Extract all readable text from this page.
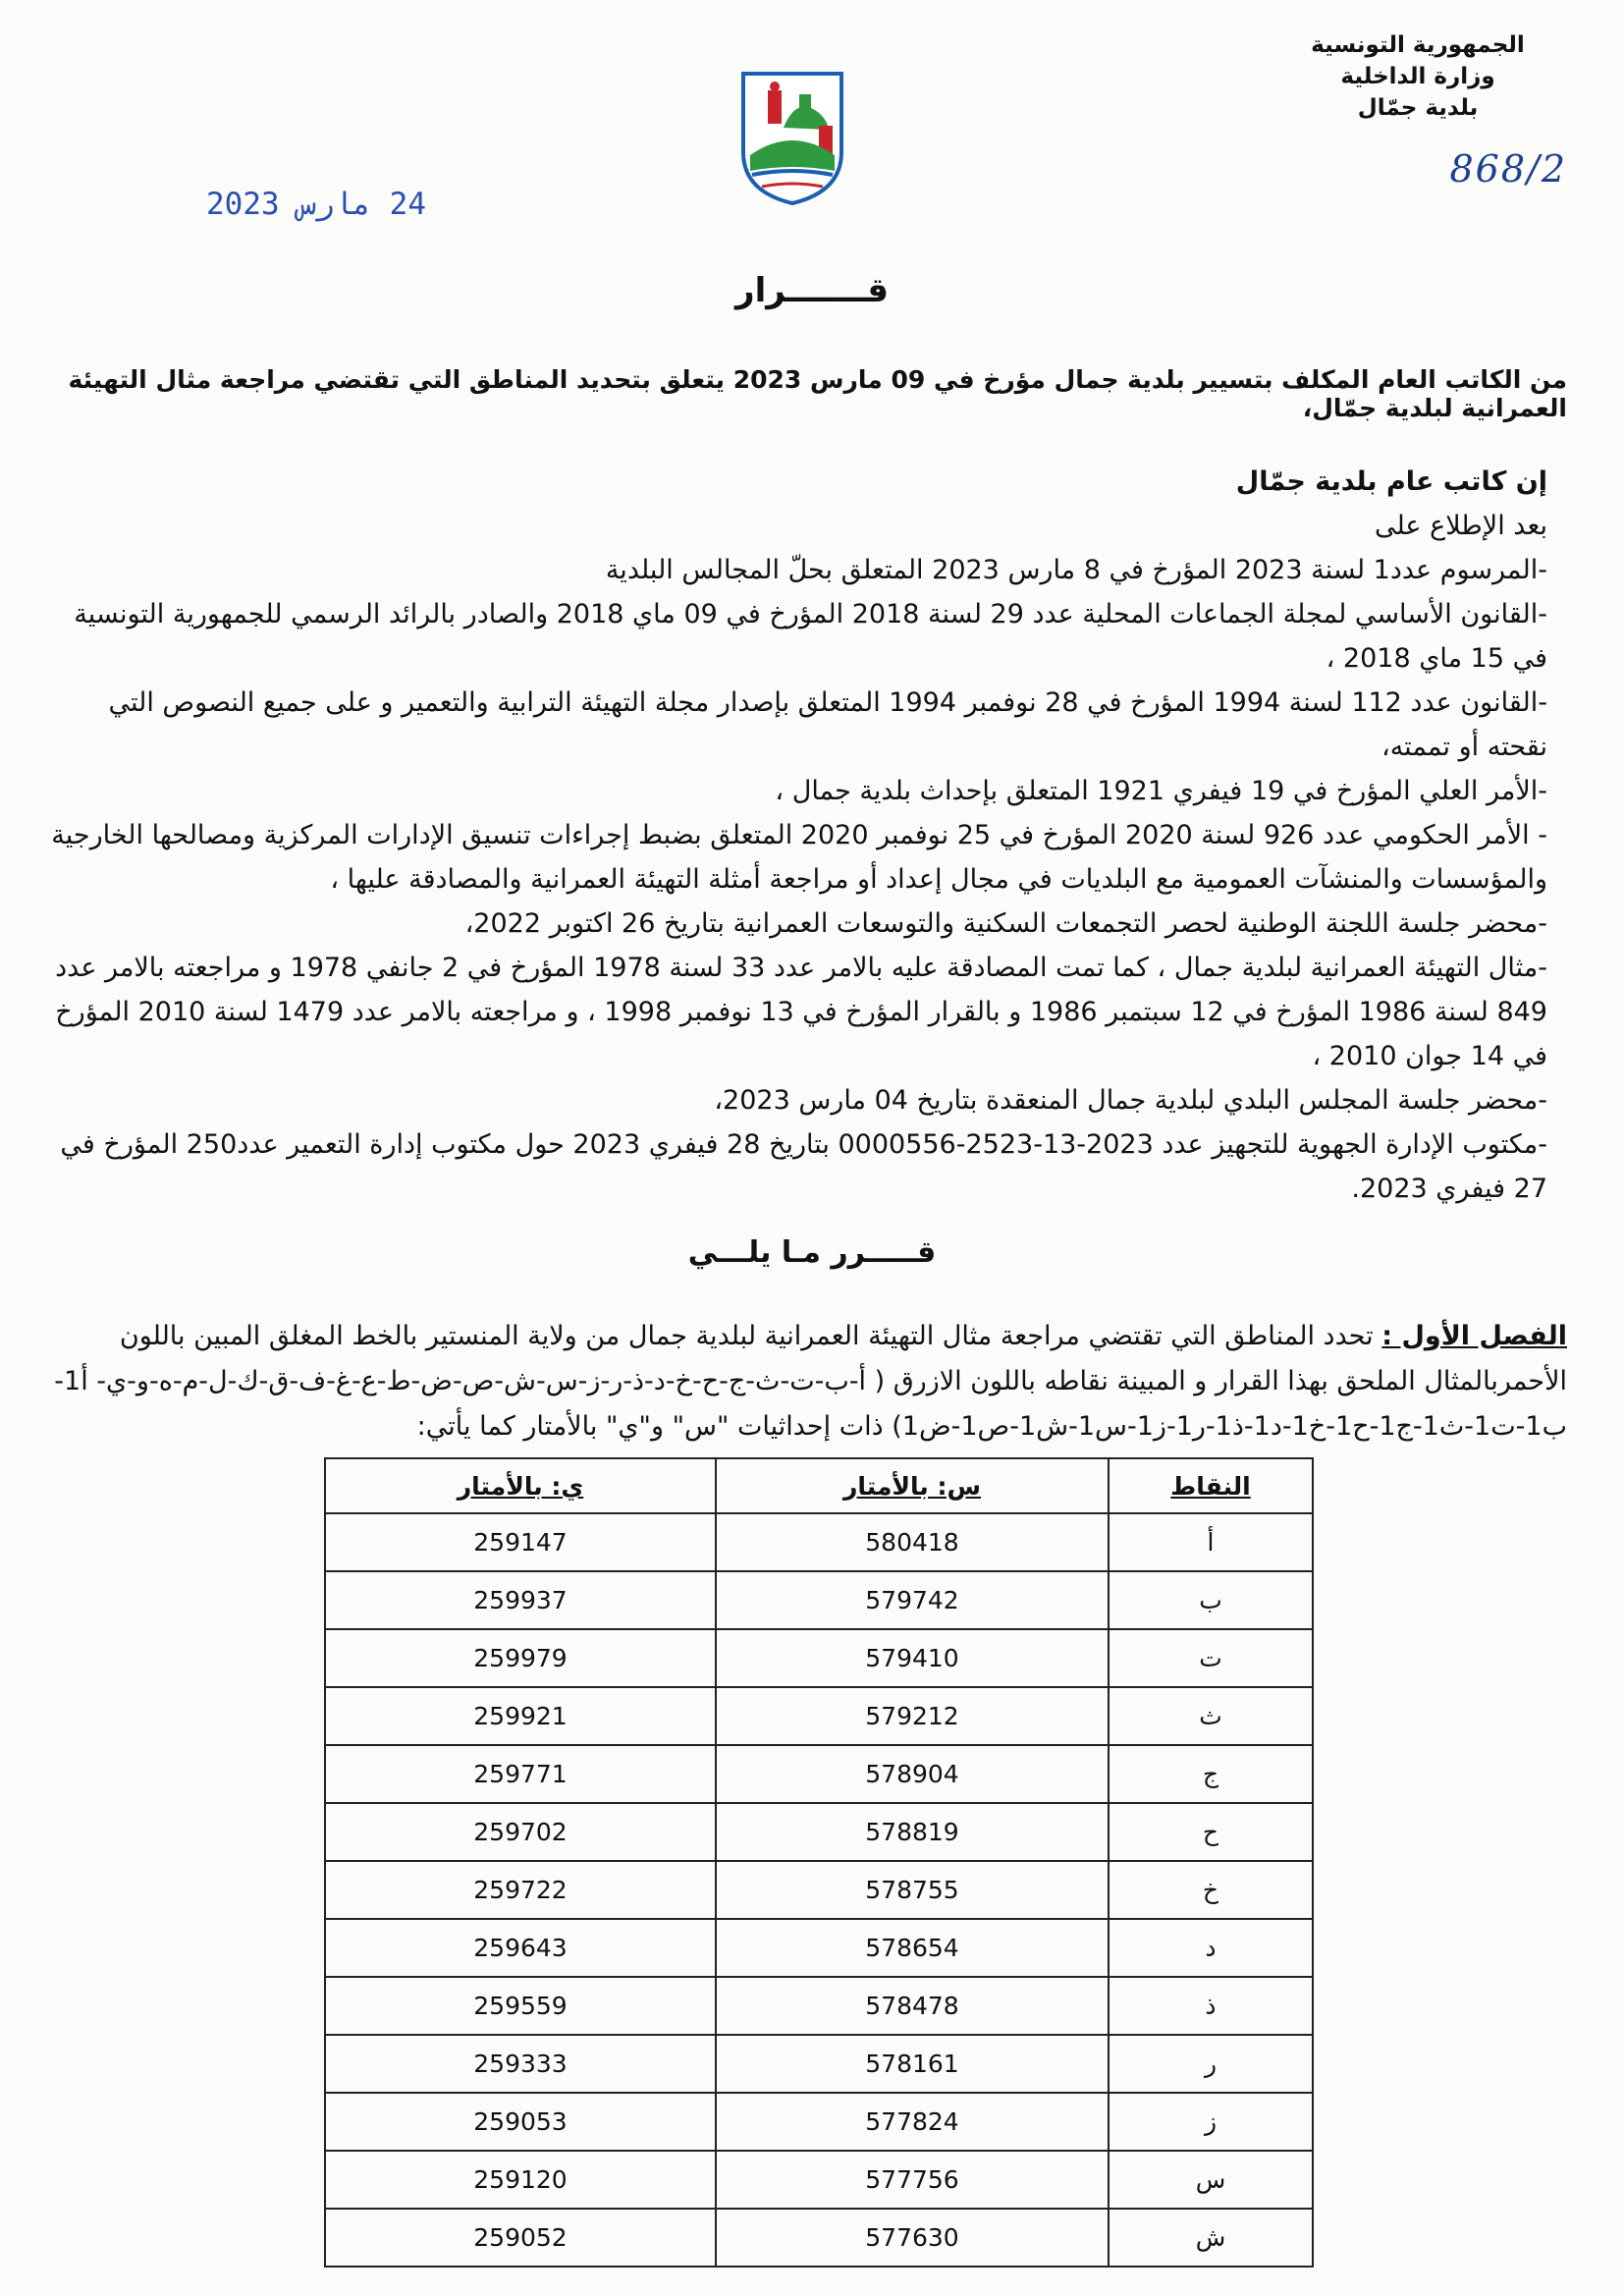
الجمهورية التونسية
وزارة الداخلية
بلدية جمّال
868/2
24 مارس 2023
قـــــــرار
من الكاتب العام المكلف بتسيير بلدية جمال مؤرخ في 09 مارس 2023 يتعلق بتحديد المناطق التي تقتضي مراجعة مثال التهيئة العمرانية لبلدية جمّال،

إن كاتب عام بلدية جمّال

بعد الإطلاع على

-المرسوم عدد1 لسنة 2023 المؤرخ في 8 مارس 2023 المتعلق بحلّ المجالس البلدية

-القانون الأساسي لمجلة الجماعات المحلية عدد 29 لسنة 2018 المؤرخ في 09 ماي 2018 والصادر بالرائد الرسمي للجمهورية التونسية في 15 ماي 2018 ،

-القانون عدد 112 لسنة 1994 المؤرخ في 28 نوفمبر 1994 المتعلق بإصدار مجلة التهيئة الترابية والتعمير و على جميع النصوص التي نقحته أو تممته،

-الأمر العلي المؤرخ في 19 فيفري 1921 المتعلق بإحداث بلدية جمال ،

- الأمر الحكومي عدد 926 لسنة 2020 المؤرخ في 25 نوفمبر 2020 المتعلق بضبط إجراءات تنسيق الإدارات المركزية ومصالحها الخارجية والمؤسسات والمنشآت العمومية مع البلديات في مجال إعداد أو مراجعة أمثلة التهيئة العمرانية والمصادقة عليها ،

-محضر جلسة اللجنة الوطنية لحصر التجمعات السكنية والتوسعات العمرانية بتاريخ 26 اكتوبر 2022،

-مثال التهيئة العمرانية لبلدية جمال ، كما تمت المصادقة عليه بالامر عدد 33 لسنة 1978 المؤرخ في 2 جانفي 1978 و مراجعته بالامر عدد 849 لسنة 1986 المؤرخ في 12 سبتمبر 1986 و بالقرار المؤرخ في 13 نوفمبر 1998 ، و مراجعته بالامر عدد 1479 لسنة 2010 المؤرخ في 14 جوان 2010 ،

-محضر جلسة المجلس البلدي لبلدية جمال المنعقدة بتاريخ 04 مارس 2023،

-مكتوب الإدارة الجهوية للتجهيز عدد 2023-13-2523-0000556 بتاريخ 28 فيفري 2023 حول مكتوب إدارة التعمير عدد250 المؤرخ في 27 فيفري 2023.

قـــــرر مـا يلـــي
الفصل الأول : تحدد المناطق التي تقتضي مراجعة مثال التهيئة العمرانية لبلدية جمال من ولاية المنستير بالخط المغلق المبين باللون الأحمربالمثال الملحق بهذا القرار و المبينة نقاطه باللون الازرق ( أ-ب-ت-ث-ج-ح-خ-د-ذ-ر-ز-س-ش-ص-ض-ط-ع-غ-ف-ق-ك-ل-م-ه-و-ي- أ1-ب1-ت1-ث1-ج1-ح1-خ1-د1-ذ1-ر1-ز1-س1-ش1-ص1-ض1) ذات إحداثيات "س" و"ي" بالأمتار كما يأتي:
النقاط	س: بالأمتار	ي: بالأمتار
أ	580418	259147
ب	579742	259937
ت	579410	259979
ث	579212	259921
ج	578904	259771
ح	578819	259702
خ	578755	259722
د	578654	259643
ذ	578478	259559
ر	578161	259333
ز	577824	259053
س	577756	259120
ش	577630	259052
